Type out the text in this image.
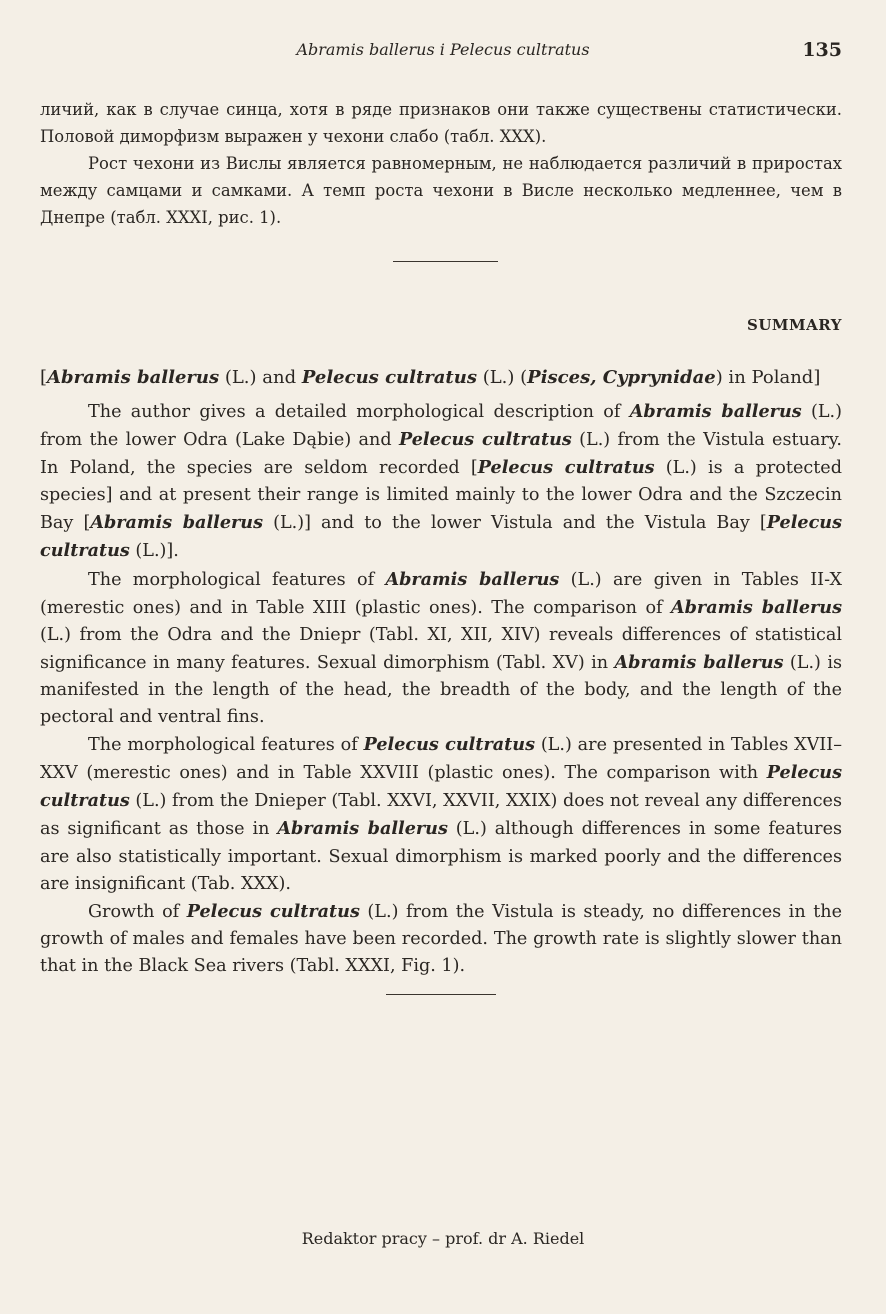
Abramis ballerus i Pelecus cultratus	135

личий, как в случае синца, хотя в ряде признаков они также существены статистически. Половой диморфизм выражен у чехони слабо (табл. XXX).

Рост чехони из Вислы является равномерным, не наблюдается различий в приростах между самцами и самками. А темп роста чехони в Висле несколько медленнее, чем в Днепре (табл. XXXI, рис. 1).

SUMMARY
[Abramis ballerus (L.) and Pelecus cultratus (L.) (Pisces, Cyprynidae) in Poland]

The author gives a detailed morphological description of Abramis ballerus (L.) from the lower Odra (Lake Dąbie) and Pelecus cultratus (L.) from the Vistula estuary. In Poland, the species are seldom recorded [Pelecus cultratus (L.) is a protected species] and at present their range is limited mainly to the lower Odra and the Szczecin Bay [Abramis ballerus (L.)] and to the lower Vistula and the Vistula Bay [Pelecus cultratus (L.)].

The morphological features of Abramis ballerus (L.) are given in Tables II-X (merestic ones) and in Table XIII (plastic ones). The comparison of Abramis ballerus (L.) from the Odra and the Dniepr (Tabl. XI, XII, XIV) reveals differences of statistical significance in many features. Sexual dimorphism (Tabl. XV) in Abramis ballerus (L.) is manifested in the length of the head, the breadth of the body, and the length of the pectoral and ventral fins.

The morphological features of Pelecus cultratus (L.) are presented in Tables XVII–XXV (merestic ones) and in Table XXVIII (plastic ones). The comparison with Pelecus cultratus (L.) from the Dnieper (Tabl. XXVI, XXVII, XXIX) does not reveal any differences as significant as those in Abramis ballerus (L.) although differences in some features are also statistically important. Sexual dimorphism is marked poorly and the differences are insignificant (Tab. XXX).

Growth of Pelecus cultratus (L.) from the Vistula is steady, no differences in the growth of males and females have been recorded. The growth rate is slightly slower than that in the Black Sea rivers (Tabl. XXXI, Fig. 1).

Redaktor pracy – prof. dr A. Riedel
